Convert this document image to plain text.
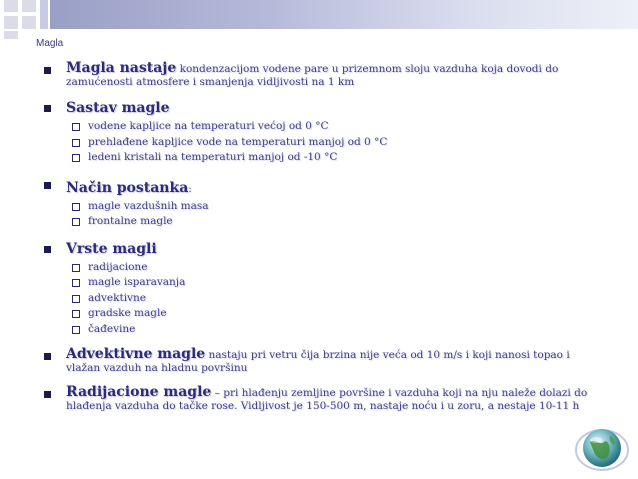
Magla
Magla nastaje kondenzacijom vodene pare u prizemnom sloju vazduha koja dovodi do
zamućenosti atmosfere i smanjenja vidljivosti na 1 km
Sastav magle
vodene kapljice na temperaturi većoj od 0 °C
prehlađene kapljice vode na temperaturi manjoj od 0 °C
ledeni kristali na temperaturi manjoj od -10 °C
Način postanka:
magle vazdušnih masa
frontalne magle
Vrste magli
radijacione
magle isparavanja
advektivne
gradske magle
čađevine
Advektivne magle nastaju pri vetru čija brzina nije veća od 10 m/s i koji nanosi topao i
vlažan vazduh na hladnu površinu
Radijacione magle – pri hlađenju zemljine površine i vazduha koji na nju naleže dolazi do
hlađenja vazduha do tačke rose. Vidljivost je 150-500 m, nastaje noću i u zoru, a nestaje 10-11 h
